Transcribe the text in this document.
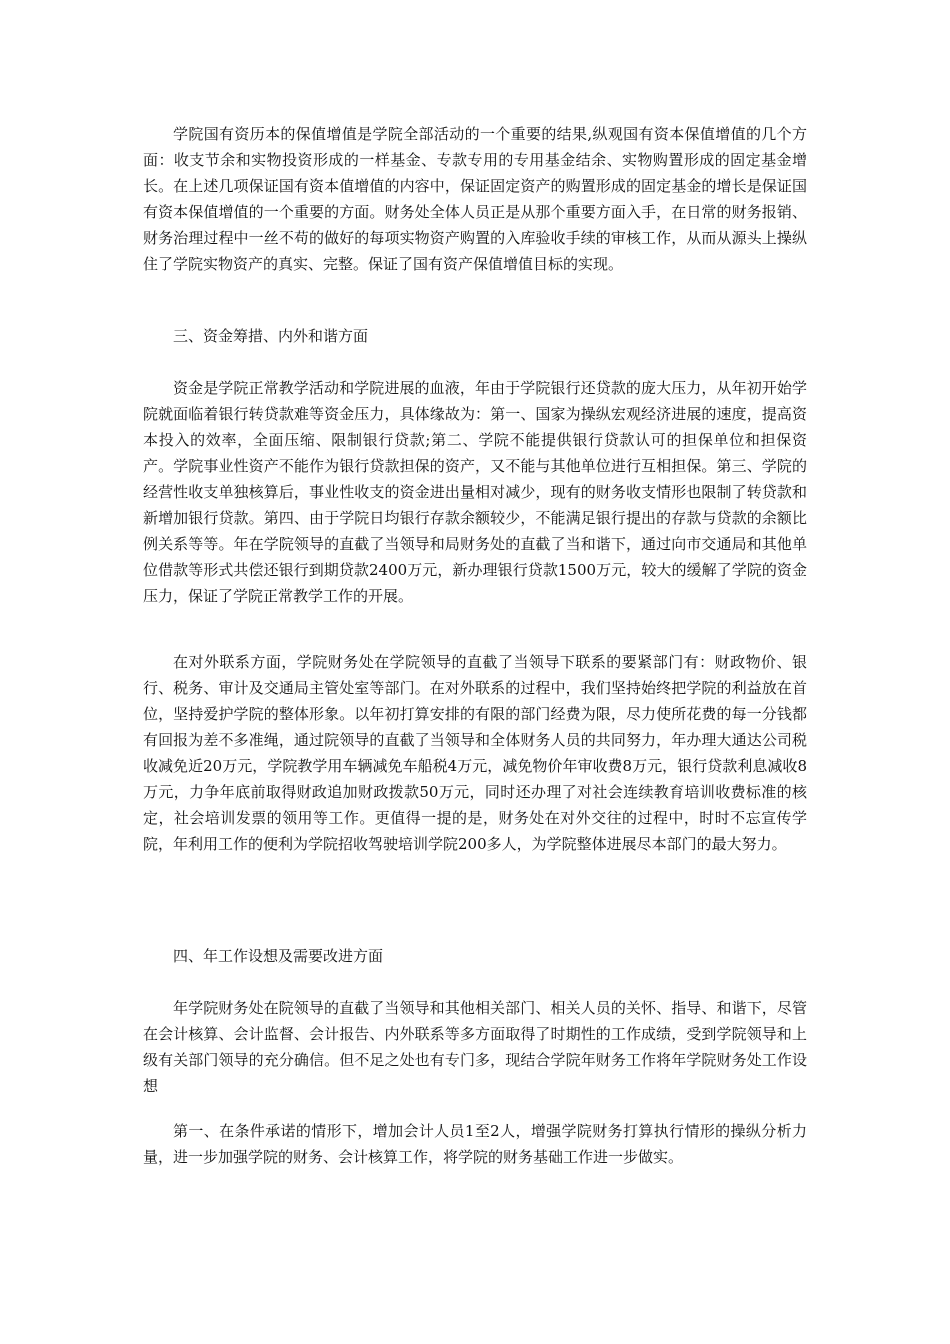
学院国有资历本的保值增值是学院全部活动的一个重要的结果,纵观国有资本保值增值的几个方面：收支节余和实物投资形成的一样基金、专款专用的专用基金结余、实物购置形成的固定基金增长。在上述几项保证国有资本值增值的内容中，保证固定资产的购置形成的固定基金的增长是保证国有资本保值增值的一个重要的方面。财务处全体人员正是从那个重要方面入手，在日常的财务报销、财务治理过程中一丝不苟的做好的每项实物资产购置的入库验收手续的审核工作，从而从源头上操纵住了学院实物资产的真实、完整。保证了国有资产保值增值目标的实现。

三、资金筹措、内外和谐方面

资金是学院正常教学活动和学院进展的血液，年由于学院银行还贷款的庞大压力，从年初开始学院就面临着银行转贷款难等资金压力，具体缘故为：第一、国家为操纵宏观经济进展的速度，提高资本投入的效率，全面压缩、限制银行贷款;第二、学院不能提供银行贷款认可的担保单位和担保资产。学院事业性资产不能作为银行贷款担保的资产，又不能与其他单位进行互相担保。第三、学院的经营性收支单独核算后，事业性收支的资金进出量相对减少，现有的财务收支情形也限制了转贷款和新增加银行贷款。第四、由于学院日均银行存款余额较少，不能满足银行提出的存款与贷款的余额比例关系等等。年在学院领导的直截了当领导和局财务处的直截了当和谐下，通过向市交通局和其他单位借款等形式共偿还银行到期贷款2400万元，新办理银行贷款1500万元，较大的缓解了学院的资金压力，保证了学院正常教学工作的开展。

在对外联系方面，学院财务处在学院领导的直截了当领导下联系的要紧部门有：财政物价、银行、税务、审计及交通局主管处室等部门。在对外联系的过程中，我们坚持始终把学院的利益放在首位，坚持爱护学院的整体形象。以年初打算安排的有限的部门经费为限，尽力使所花费的每一分钱都有回报为差不多准绳，通过院领导的直截了当领导和全体财务人员的共同努力，年办理大通达公司税收减免近20万元，学院教学用车辆减免车船税4万元，减免物价年审收费8万元，银行贷款利息减收8万元，力争年底前取得财政追加财政拨款50万元，同时还办理了对社会连续教育培训收费标准的核定，社会培训发票的领用等工作。更值得一提的是，财务处在对外交往的过程中，时时不忘宣传学院，年利用工作的便利为学院招收驾驶培训学院200多人，为学院整体进展尽本部门的最大努力。

四、年工作设想及需要改进方面

年学院财务处在院领导的直截了当领导和其他相关部门、相关人员的关怀、指导、和谐下，尽管在会计核算、会计监督、会计报告、内外联系等多方面取得了时期性的工作成绩，受到学院领导和上级有关部门领导的充分确信。但不足之处也有专门多，现结合学院年财务工作将年学院财务处工作设想

第一、在条件承诺的情形下，增加会计人员1至2人，增强学院财务打算执行情形的操纵分析力量，进一步加强学院的财务、会计核算工作，将学院的财务基础工作进一步做实。
